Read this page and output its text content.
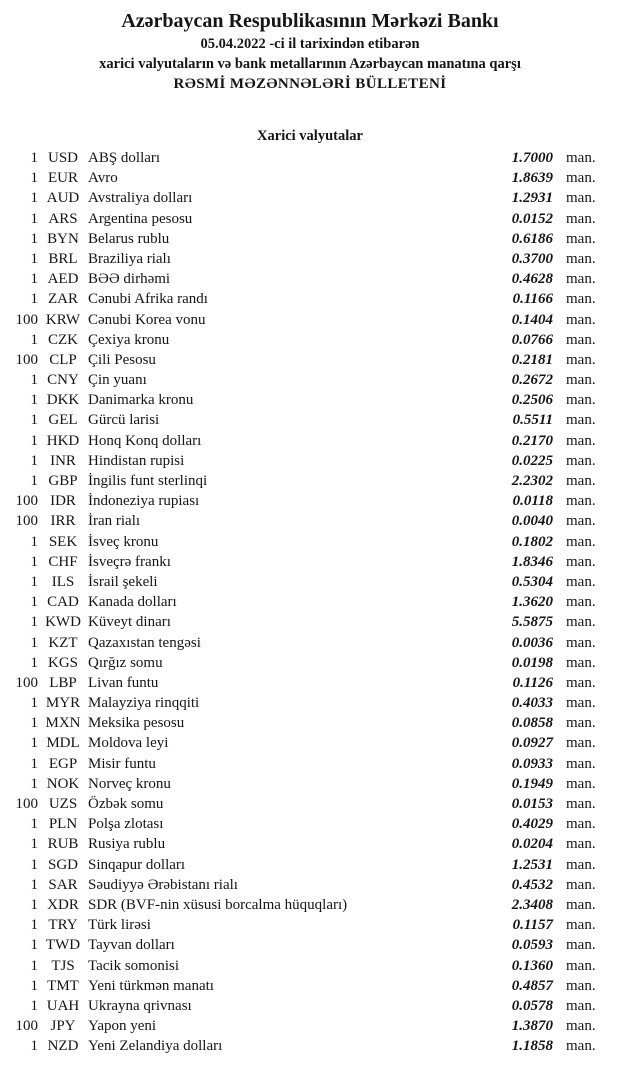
Azərbaycan Respublikasının Mərkəzi Bankı
05.04.2022 -ci il tarixindən etibarən
xarici valyutaların və bank metallarının Azərbaycan manatına qarşı
RƏSMİ MƏZƏNNƏLƏRİ BÜLLETENİ
Xarici valyutalar
1 USD ABŞ dolları	1.7000 man.
1 EUR Avro	1.8639 man.
1 AUD Avstraliya dolları	1.2931 man.
1 ARS Argentina pesosu	0.0152 man.
1 BYN Belarus rublu	0.6186 man.
1 BRL Braziliya rialı	0.3700 man.
1 AED BƏƏ dirhəmi	0.4628 man.
1 ZAR Cənubi Afrika randı	0.1166 man.
100 KRW Cənubi Korea vonu	0.1404 man.
1 CZK Çexiya kronu	0.0766 man.
100 CLP Çili Pesosu	0.2181 man.
1 CNY Çin yuanı	0.2672 man.
1 DKK Danimarka kronu	0.2506 man.
1 GEL Gürcü larisi	0.5511 man.
1 HKD Honq Konq dolları	0.2170 man.
1 INR Hindistan rupisi	0.0225 man.
1 GBP İngilis funt sterlinqi	2.2302 man.
100 IDR İndoneziya rupiası	0.0118 man.
100 IRR İran rialı	0.0040 man.
1 SEK İsveç kronu	0.1802 man.
1 CHF İsveçrə frankı	1.8346 man.
1 ILS İsrail şekeli	0.5304 man.
1 CAD Kanada dolları	1.3620 man.
1 KWD Küveyt dinarı	5.5875 man.
1 KZT Qazaxıstan tengəsi	0.0036 man.
1 KGS Qırğız somu	0.0198 man.
100 LBP Livan funtu	0.1126 man.
1 MYR Malayziya rinqqiti	0.4033 man.
1 MXN Meksika pesosu	0.0858 man.
1 MDL Moldova leyi	0.0927 man.
1 EGP Misir funtu	0.0933 man.
1 NOK Norveç kronu	0.1949 man.
100 UZS Özbək somu	0.0153 man.
1 PLN Polşa zlotası	0.4029 man.
1 RUB Rusiya rublu	0.0204 man.
1 SGD Sinqapur dolları	1.2531 man.
1 SAR Səudiyyə Ərəbistanı rialı	0.4532 man.
1 XDR SDR (BVF-nin xüsusi borcalma hüquqları)	2.3408 man.
1 TRY Türk lirəsi	0.1157 man.
1 TWD Tayvan dolları	0.0593 man.
1 TJS Tacik somonisi	0.1360 man.
1 TMT Yeni türkmən manatı	0.4857 man.
1 UAH Ukrayna qrivnası	0.0578 man.
100 JPY Yapon yeni	1.3870 man.
1 NZD Yeni Zelandiya dolları	1.1858 man.
